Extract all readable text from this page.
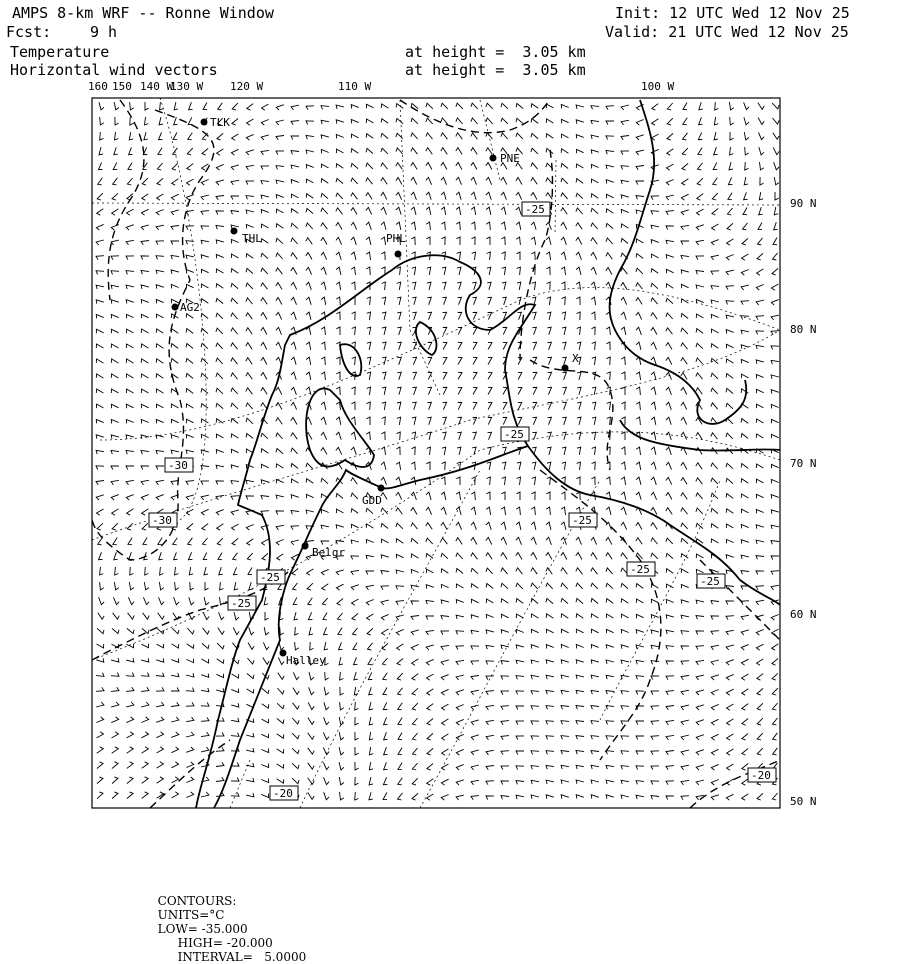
AMPS 8-km WRF -- Ronne Window
Fcst:	9 h
Init: 12 UTC Wed 12 Nov 25
Valid: 21 UTC Wed 12 Nov 25
Temperature
Horizontal wind vectors
at height =  3.05 km
at height =  3.05 km
160 150 140 W
130 W 120 W	110 W	100 W
90 N
80 N
70 N
60 N
50 N
TLK
PNE
THL	PHL
AG2
X
GDD
Belgr
Halley
-25
-25
-30
-30	-25
-25
-25	-25
-25
-20
-20

CONTOURS:
UNITS=°C
LOW= -35.000
HIGH= -20.000
INTERVAL=   5.0000
